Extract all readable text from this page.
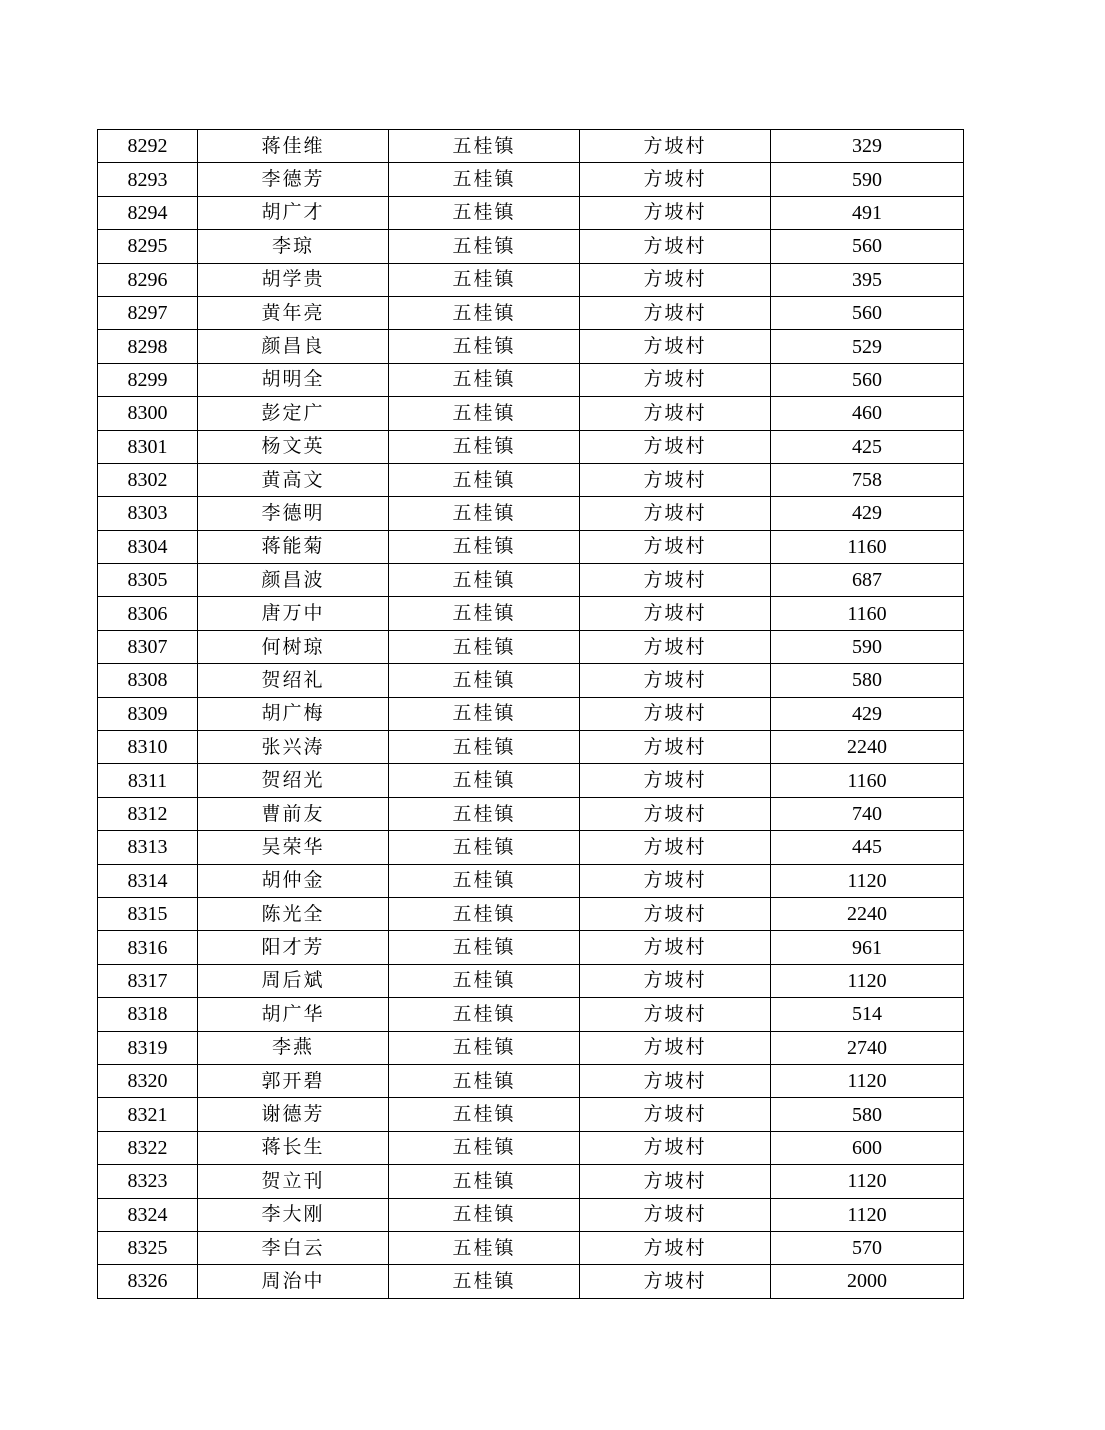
8292	蒋佳维	五桂镇	方坡村	329
8293	李德芳	五桂镇	方坡村	590
8294	胡广才	五桂镇	方坡村	491
8295	李琼	五桂镇	方坡村	560
8296	胡学贵	五桂镇	方坡村	395
8297	黄年亮	五桂镇	方坡村	560
8298	颜昌良	五桂镇	方坡村	529
8299	胡明全	五桂镇	方坡村	560
8300	彭定广	五桂镇	方坡村	460
8301	杨文英	五桂镇	方坡村	425
8302	黄高文	五桂镇	方坡村	758
8303	李德明	五桂镇	方坡村	429
8304	蒋能菊	五桂镇	方坡村	1160
8305	颜昌波	五桂镇	方坡村	687
8306	唐万中	五桂镇	方坡村	1160
8307	何树琼	五桂镇	方坡村	590
8308	贺绍礼	五桂镇	方坡村	580
8309	胡广梅	五桂镇	方坡村	429
8310	张兴涛	五桂镇	方坡村	2240
8311	贺绍光	五桂镇	方坡村	1160
8312	曹前友	五桂镇	方坡村	740
8313	吴荣华	五桂镇	方坡村	445
8314	胡仲金	五桂镇	方坡村	1120
8315	陈光全	五桂镇	方坡村	2240
8316	阳才芳	五桂镇	方坡村	961
8317	周后斌	五桂镇	方坡村	1120
8318	胡广华	五桂镇	方坡村	514
8319	李燕	五桂镇	方坡村	2740
8320	郭开碧	五桂镇	方坡村	1120
8321	谢德芳	五桂镇	方坡村	580
8322	蒋长生	五桂镇	方坡村	600
8323	贺立刊	五桂镇	方坡村	1120
8324	李大刚	五桂镇	方坡村	1120
8325	李白云	五桂镇	方坡村	570
8326	周治中	五桂镇	方坡村	2000
